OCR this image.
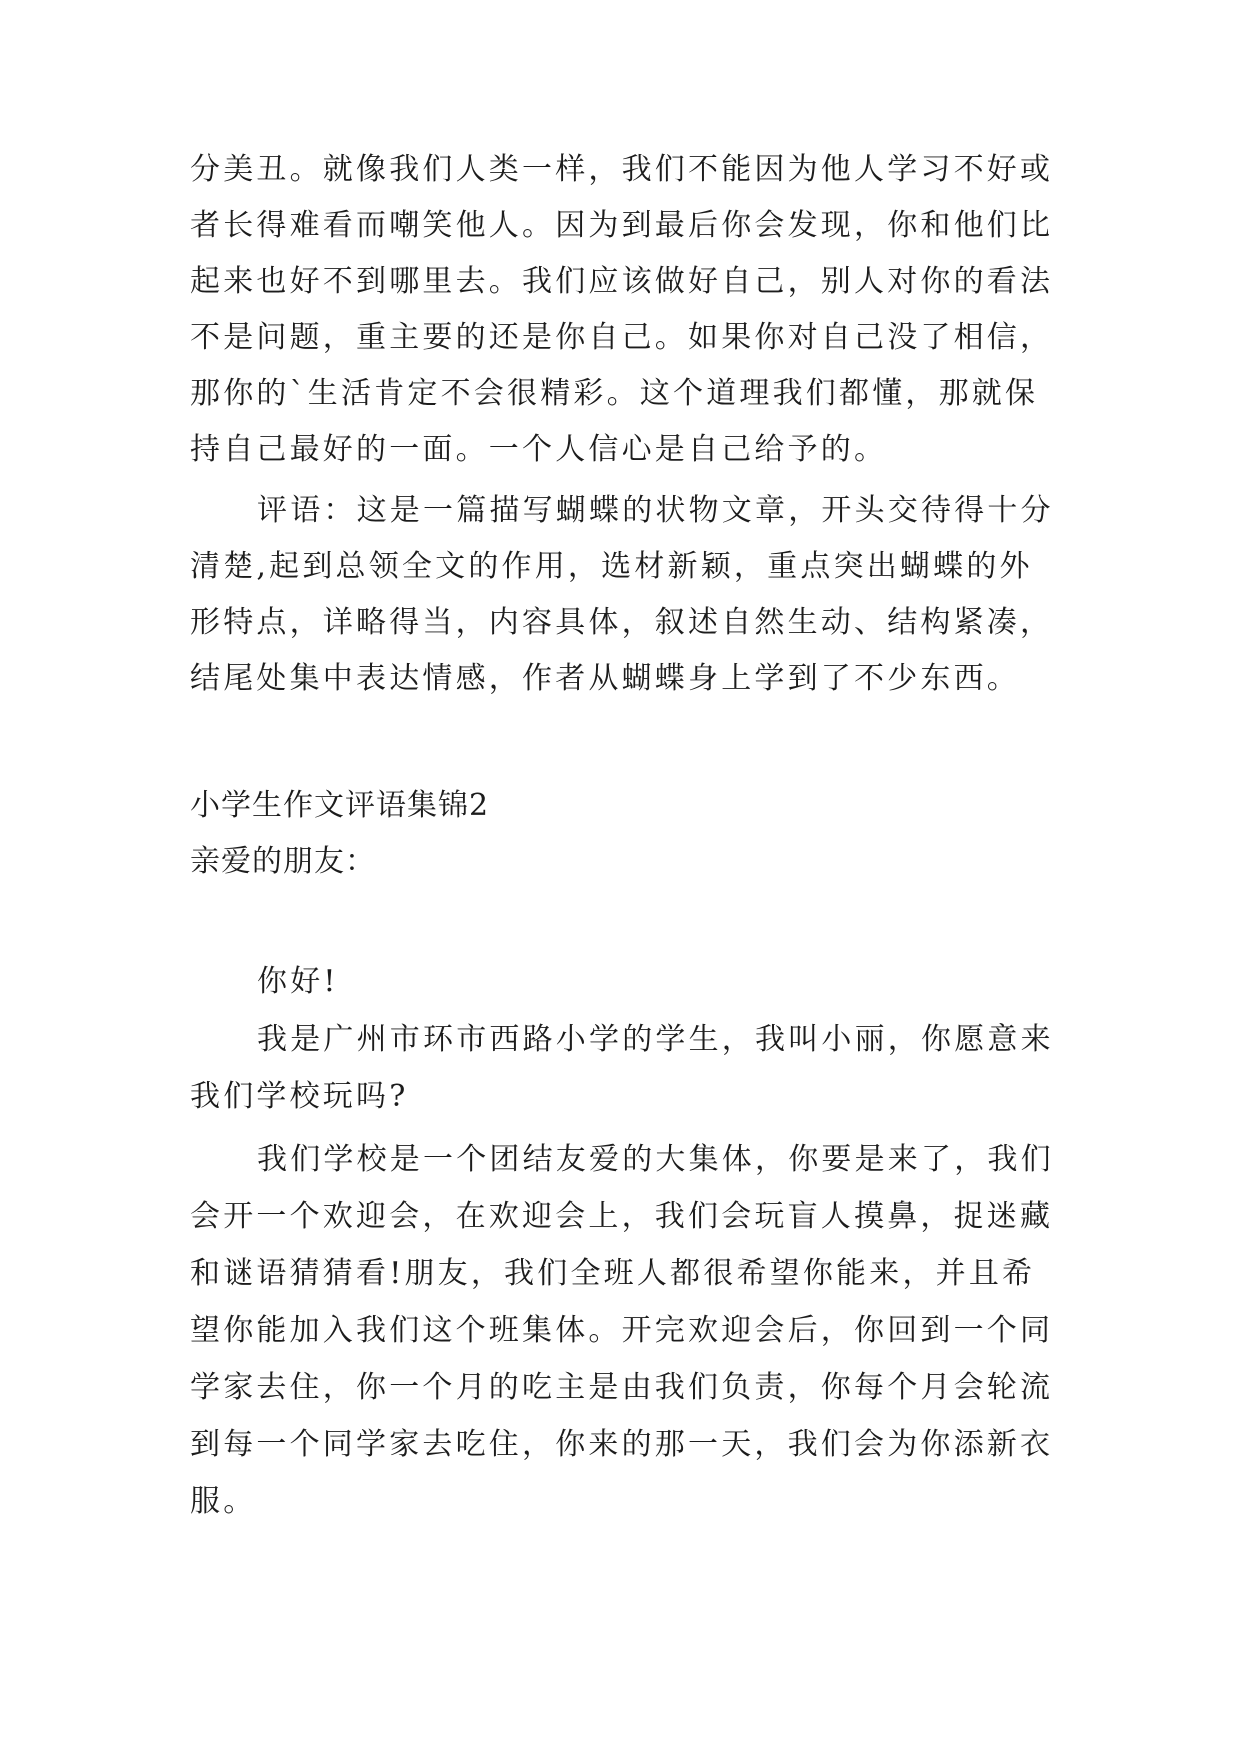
分美丑。就像我们人类一样，我们不能因为他人学习不好或
者长得难看而嘲笑他人。因为到最后你会发现，你和他们比
起来也好不到哪里去。我们应该做好自己，别人对你的看法
不是问题，重主要的还是你自己。如果你对自己没了相信，
那你的`生活肯定不会很精彩。这个道理我们都懂，那就保
持自己最好的一面。一个人信心是自己给予的。
评语：这是一篇描写蝴蝶的状物文章，开头交待得十分
清楚,起到总领全文的作用，选材新颖，重点突出蝴蝶的外
形特点，详略得当，内容具体，叙述自然生动、结构紧凑，
结尾处集中表达情感，作者从蝴蝶身上学到了不少东西。
小学生作文评语集锦2
亲爱的朋友：
你好!
我是广州市环市西路小学的学生，我叫小丽，你愿意来
我们学校玩吗?
我们学校是一个团结友爱的大集体，你要是来了，我们
会开一个欢迎会，在欢迎会上，我们会玩盲人摸鼻，捉迷藏
和谜语猜猜看!朋友，我们全班人都很希望你能来，并且希
望你能加入我们这个班集体。开完欢迎会后，你回到一个同
学家去住，你一个月的吃主是由我们负责，你每个月会轮流
到每一个同学家去吃住，你来的那一天，我们会为你添新衣
服。
